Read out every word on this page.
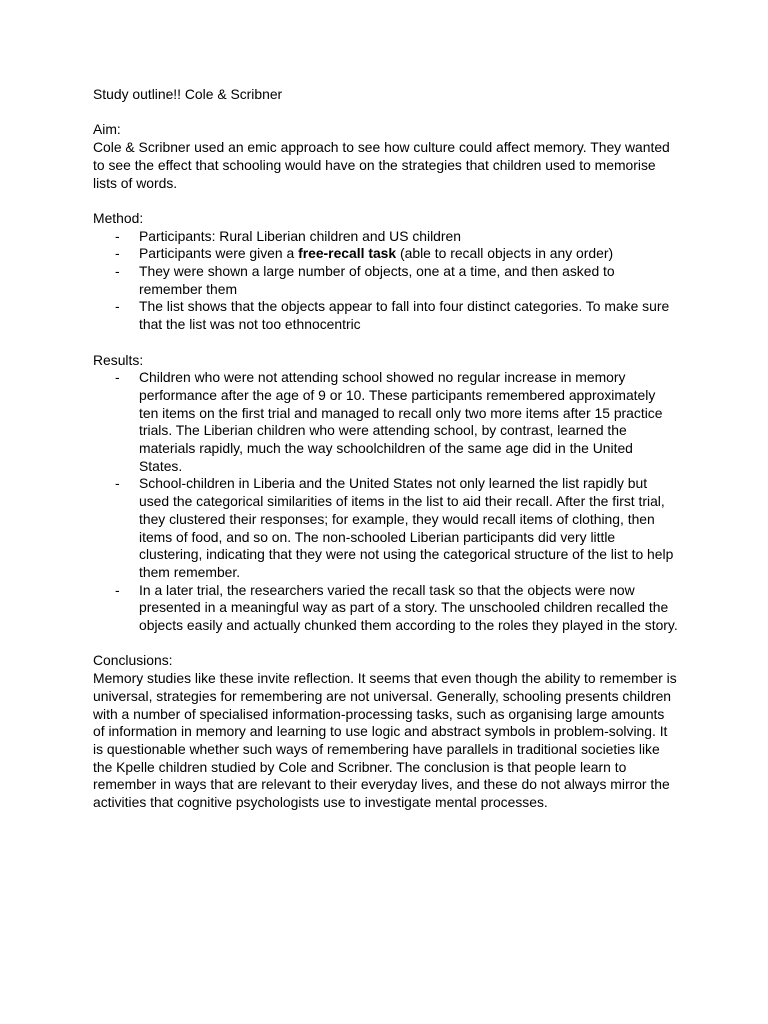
Study outline!! Cole & Scribner

Aim:

Cole & Scribner used an emic approach to see how culture could affect memory. They wanted to see the effect that schooling would have on the strategies that children used to memorise lists of words.

Method:

- Participants: Rural Liberian children and US children
- Participants were given a free-recall task (able to recall objects in any order)
- They were shown a large number of objects, one at a time, and then asked to remember them
- The list shows that the objects appear to fall into four distinct categories. To make sure that the list was not too ethnocentric

Results:

- Children who were not attending school showed no regular increase in memory performance after the age of 9 or 10. These participants remembered approximately ten items on the first trial and managed to recall only two more items after 15 practice trials. The Liberian children who were attending school, by contrast, learned the materials rapidly, much the way schoolchildren of the same age did in the United States.
- School-children in Liberia and the United States not only learned the list rapidly but used the categorical similarities of items in the list to aid their recall. After the first trial, they clustered their responses; for example, they would recall items of clothing, then items of food, and so on. The non-schooled Liberian participants did very little clustering, indicating that they were not using the categorical structure of the list to help them remember.
- In a later trial, the researchers varied the recall task so that the objects were now presented in a meaningful way as part of a story. The unschooled children recalled the objects easily and actually chunked them according to the roles they played in the story.

Conclusions:

Memory studies like these invite reflection. It seems that even though the ability to remember is universal, strategies for remembering are not universal. Generally, schooling presents children with a number of specialised information-processing tasks, such as organising large amounts of information in memory and learning to use logic and abstract symbols in problem-solving. It is questionable whether such ways of remembering have parallels in traditional societies like the Kpelle children studied by Cole and Scribner. The conclusion is that people learn to remember in ways that are relevant to their everyday lives, and these do not always mirror the activities that cognitive psychologists use to investigate mental processes.
